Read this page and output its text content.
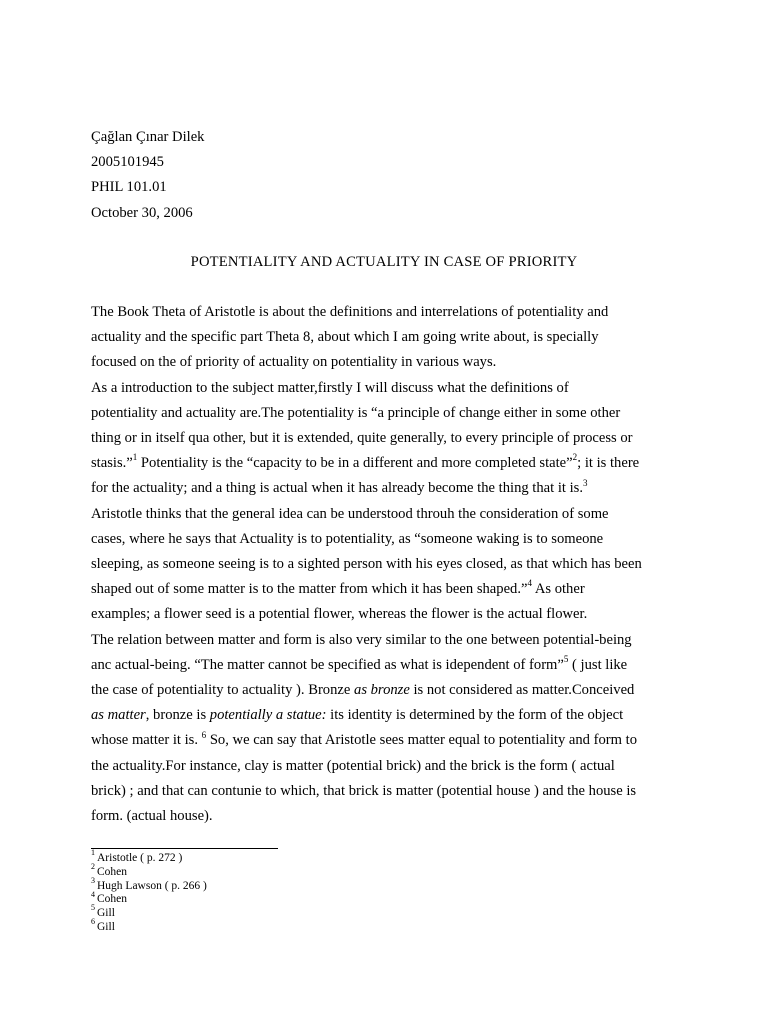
Çağlan Çınar Dilek
2005101945
PHIL 101.01
October 30, 2006
POTENTIALITY AND ACTUALITY IN CASE OF PRIORITY
The Book Theta of Aristotle is about the definitions and interrelations of potentiality and
actuality and the specific part Theta 8, about which I am going write about, is specially
focused on the of priority of actuality on potentiality in various ways.
As a introduction to the subject matter,firstly I will discuss what the definitions of
potentiality and actuality are.The potentiality is “a principle of change either in some other
thing or in itself qua other, but it is extended, quite generally, to every principle of process or
stasis.”$^1$ Potentiality is the “capacity to be in a different and more completed state”$^2$; it is there
for the actuality; and a thing is actual when it has already become the thing that it is.$^3$
Aristotle thinks that the general idea can be understood throuh the consideration of some
cases, where he says that Actuality is to potentiality, as “someone waking is to someone
sleeping, as someone seeing is to a sighted person with his eyes closed, as that which has been
shaped out of some matter is to the matter from which it has been shaped.”$^4$ As other
examples; a flower seed is a potential flower, whereas the flower is the actual flower.
The relation between matter and form is also very similar to the one between potential-being
anc actual-being. “The matter cannot be specified as what is idependent of form”$^5$ ( just like
the case of potentiality to actuality ). Bronze as bronze is not considered as matter.Conceived
as matter, bronze is potentially a statue: its identity is determined by the form of the object
whose matter it is. $^6$ So, we can say that Aristotle sees matter equal to potentiality and form to
the actuality.For instance, clay is matter (potential brick) and the brick is the form ( actual
brick) ; and that can contunie to which, that brick is matter (potential house ) and the house is
form. (actual house).
$^1$ Aristotle ( p. 272 )
$^2$ Cohen
$^3$ Hugh Lawson ( p. 266 )
$^4$ Cohen
$^5$ Gill
$^6$ Gill
